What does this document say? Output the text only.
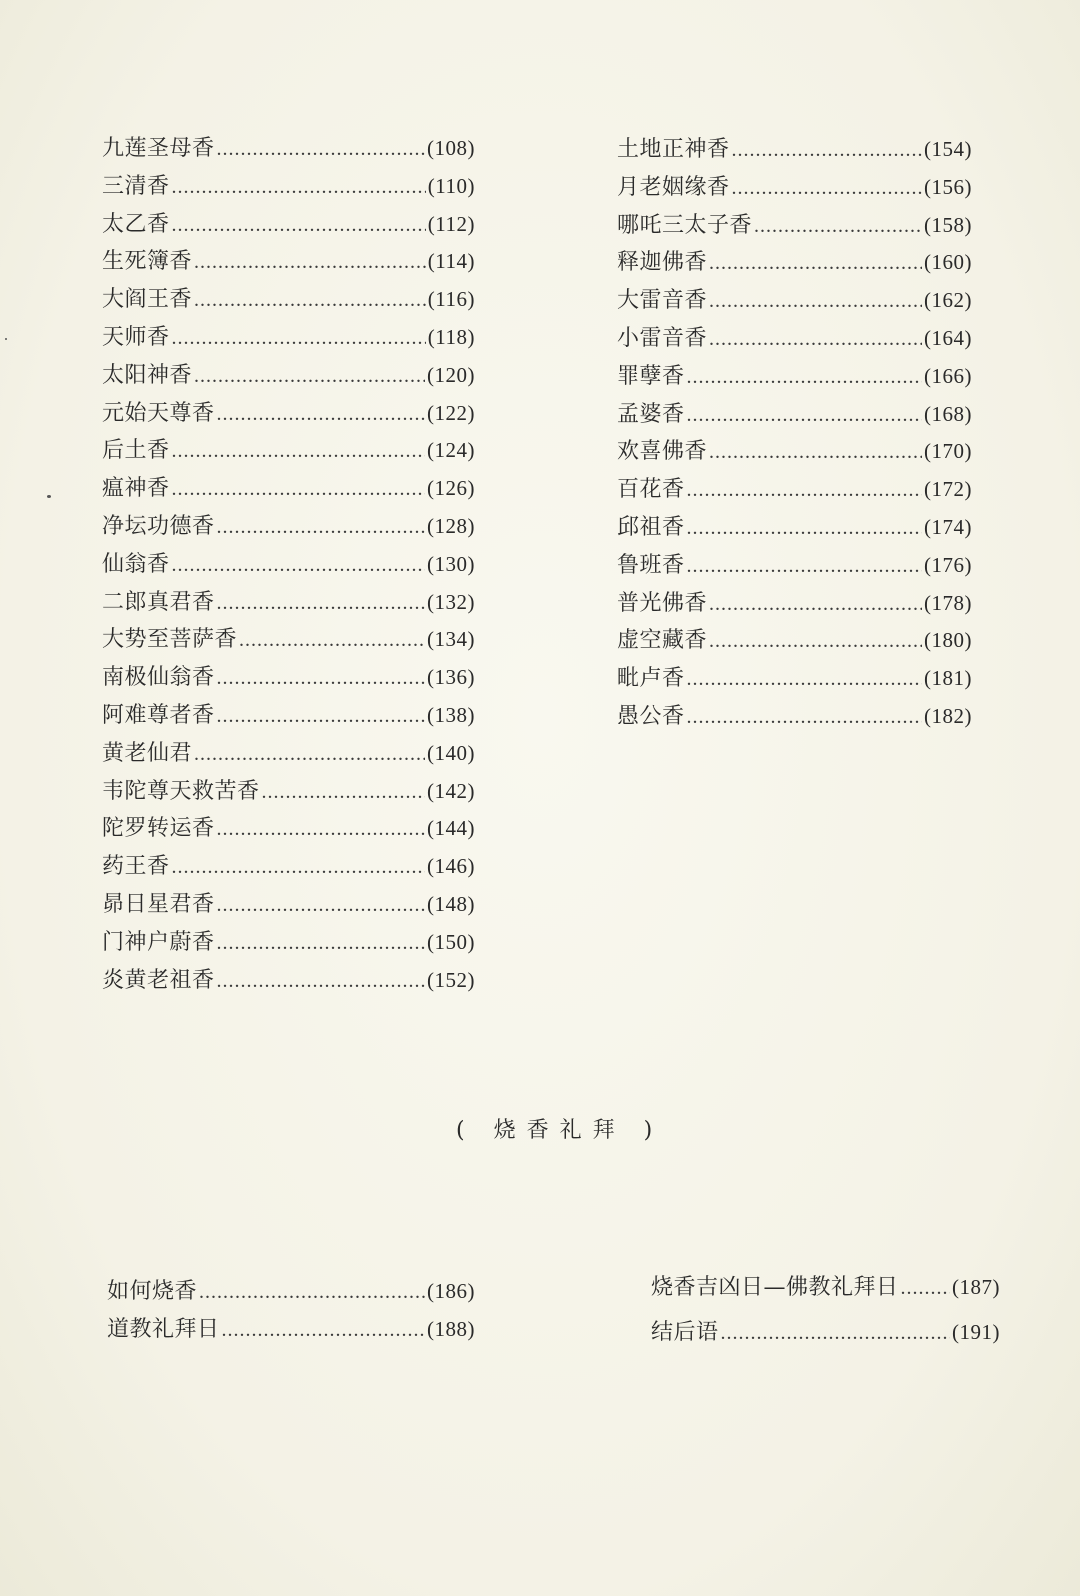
九莲圣母香 .....	(108)
三清香 .....	(110)
太乙香 .....	(112)
生死簿香 .....	(114)
大阎王香 .....	(116)
天师香 .....	(118)
太阳神香 .....	(120)
元始天尊香 .....	(122)
后土香 .....	(124)
瘟神香 .....	(126)
净坛功德香 .....	(128)
仙翁香 .....	(130)
二郎真君香 .....	(132)
大势至菩萨香 .....	(134)
南极仙翁香 .....	(136)
阿难尊者香 .....	(138)
黄老仙君 .....	(140)
韦陀尊天救苦香 .....	(142)
陀罗转运香 .....	(144)
药王香 .....	(146)
昴日星君香 .....	(148)
门神户蔚香 .....	(150)
炎黄老祖香 .....	(152)
土地正神香 .....	(154)
月老姻缘香 .....	(156)
哪吒三太子香 .....	(158)
释迦佛香 .....	(160)
大雷音香 .....	(162)
小雷音香 .....	(164)
罪孽香 .....	(166)
孟婆香 .....	(168)
欢喜佛香 .....	(170)
百花香 .....	(172)
邱祖香 .....	(174)
鲁班香 .....	(176)
普光佛香 .....	(178)
虚空藏香 .....	(180)
毗卢香 .....	(181)
愚公香 .....	(182)
( 烧香礼拜 )
如何烧香 .....	(186)
道教礼拜日 .....	(188)
烧香吉凶日—佛教礼拜日 .....	(187)
结后语 .....	(191)
